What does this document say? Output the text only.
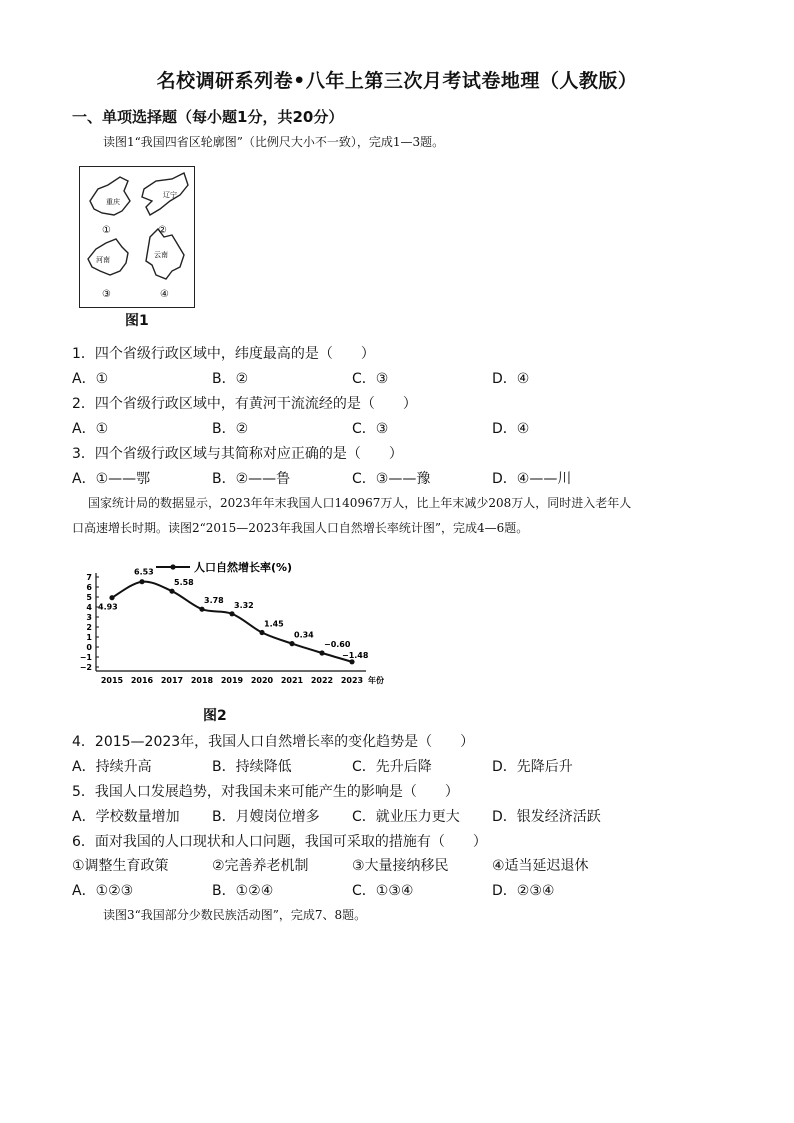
名校调研系列卷•八年上第三次月考试卷地理（人教版）
一、单项选择题（每小题1分，共20分）
读图1“我国四省区轮廓图”（比例尺大小不一致），完成1—3题。
重庆
辽宁
河南
云南
①	②
③	④
图1
1．四个省级行政区域中，纬度最高的是（　　）
A．①	B．②	C．③	D．④
2．四个省级行政区域中，有黄河干流流经的是（　　）
A．①	B．②	C．③	D．④
3．四个省级行政区域与其简称对应正确的是（　　）
A．①——鄂	B．②——鲁	C．③——豫	D．④——川
国家统计局的数据显示，2023年年末我国人口140967万人，比上年末减少208万人，同时进入老年人
口高速增长时期。读图2“2015—2023年我国人口自然增长率统计图”，完成4—6题。
4.93
6.53
5.58
3.78
3.32
1.45
0.34
−0.60
−1.48
7
6
5
4
3
2
1
0
−1
−2
2015 2016 2017 2018 2019 2020 2021 2022 2023 年份
人口自然增长率(%)
图2
4．2015—2023年，我国人口自然增长率的变化趋势是（　　）
A．持续升高	B．持续降低	C．先升后降	D．先降后升
5．我国人口发展趋势，对我国未来可能产生的影响是（　　）
A．学校数量增加 B．月嫂岗位增多 C．就业压力更大 D．银发经济活跃
6．面对我国的人口现状和人口问题，我国可采取的措施有（　　）
①调整生育政策	②完善养老机制	③大量接纳移民	④适当延迟退休
A．①②③	B．①②④	C．①③④	D．②③④
读图3“我国部分少数民族活动图”，完成7、8题。
